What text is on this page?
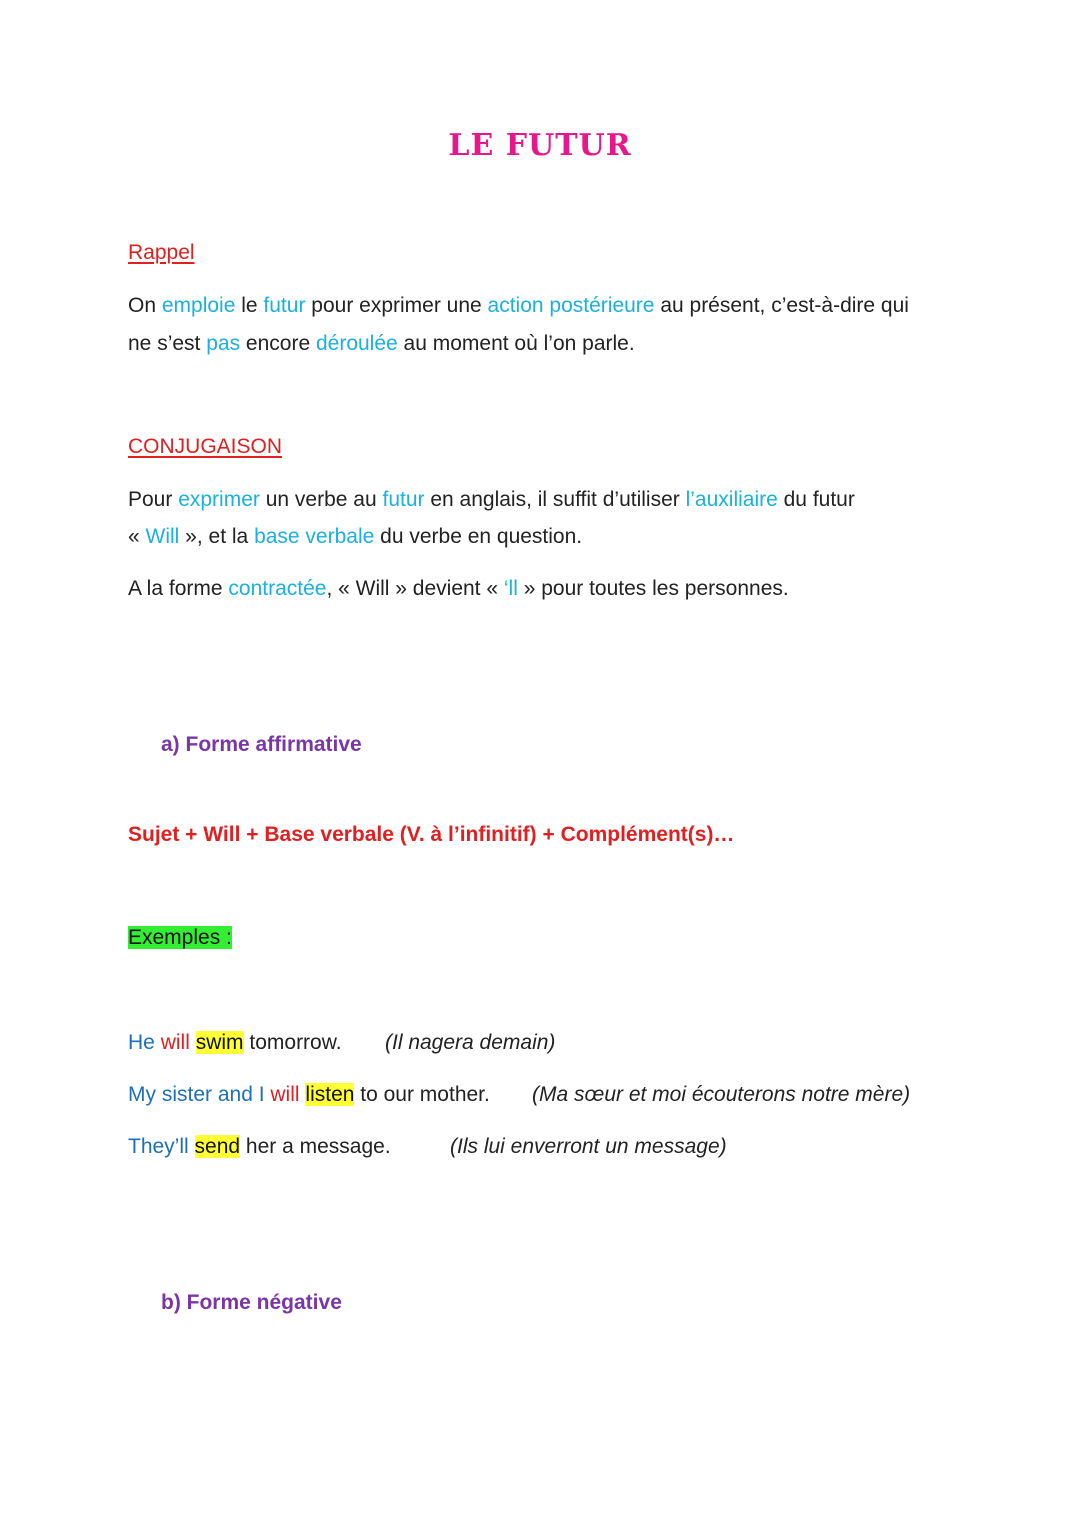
LE FUTUR
Rappel
On emploie le futur pour exprimer une action postérieure au présent, c’est-à-dire qui
ne s’est pas encore déroulée au moment où l’on parle.
CONJUGAISON
Pour exprimer un verbe au futur en anglais, il suffit d’utiliser l’auxiliaire du futur
« Will », et la base verbale du verbe en question.
A la forme contractée, « Will » devient « ‘ll » pour toutes les personnes.
a) Forme affirmative
Sujet + Will + Base verbale (V. à l’infinitif) + Complément(s)…
Exemples :
He will swim tomorrow. (Il nagera demain)
My sister and I will listen to our mother. (Ma sœur et moi écouterons notre mère)
They’ll send her a message.	(Ils lui enverront un message)
b) Forme négative
